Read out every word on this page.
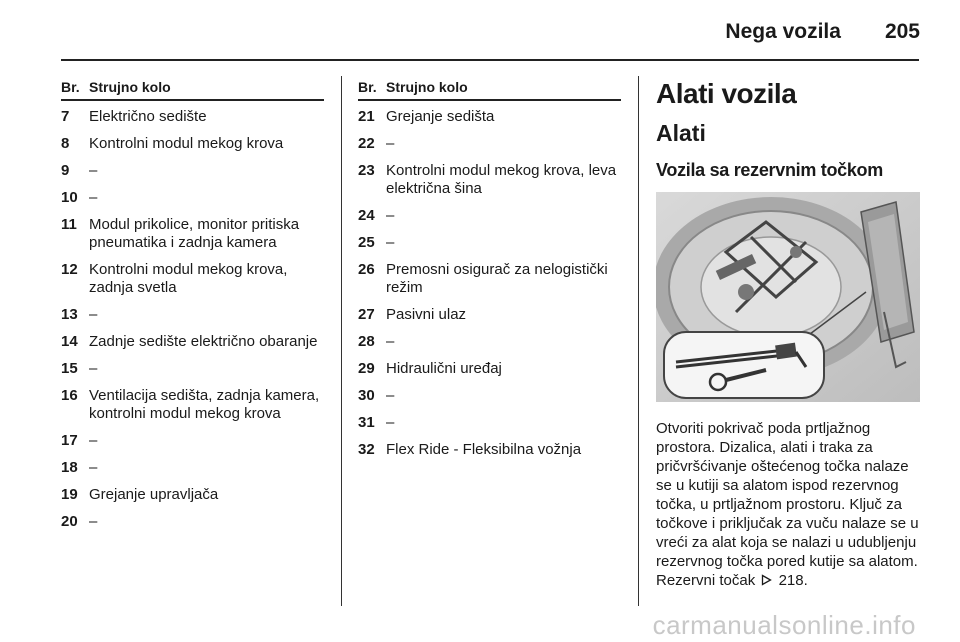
Nega vozila 205
Br. Strujno kolo
7	Električno sedište
8	Kontrolni modul mekog krova
9	–
10 –
11 Modul prikolice, monitor pritiska pneumatika i zadnja kamera
12 Kontrolni modul mekog krova, zadnja svetla
13 –
14 Zadnje sedište električno obaranje
15 –
16 Ventilacija sedišta, zadnja kamera, kontrolni modul mekog krova
17 –
18 –
19 Grejanje upravljača
20 –
Br. Strujno kolo
21 Grejanje sedišta
22 –
23 Kontrolni modul mekog krova, leva električna šina
24 –
25 –
26 Premosni osigurač za nelogistički režim
27 Pasivni ulaz
28 –
29 Hidraulični uređaj
30 –
31 –
32 Flex Ride - Fleksibilna vožnja
Alati vozila
Alati
Vozila sa rezervnim točkom
Otvoriti pokrivač poda prtljažnog prostora. Dizalica, alati i traka za pričvršćivanje oštećenog točka nalaze se u kutiji sa alatom ispod rezervnog točka, u prtljažnom prostoru. Ključ za točkove i priključak za vuču nalaze se u vreći za alat koja se nalazi u udubljenju rezervnog točka pored kutije sa alatom.
Rezervni točak 218.
carmanualsonline.info
